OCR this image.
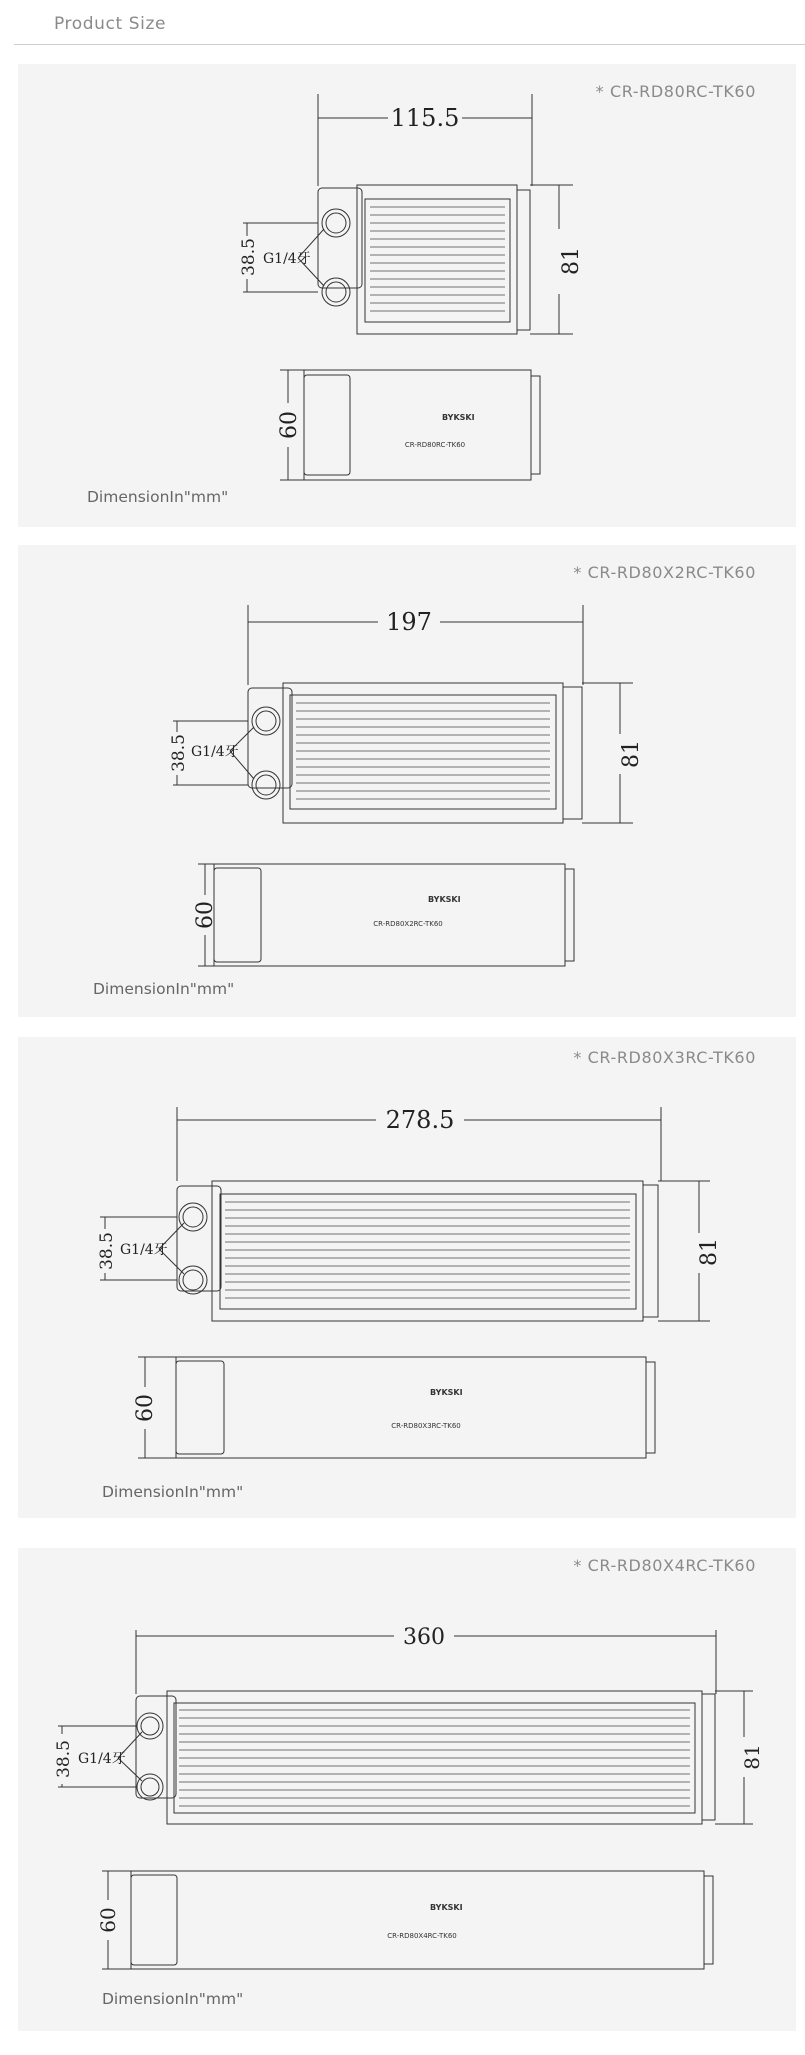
Product Size
* CR-RD80RC-TK60
115.5
81
38.5 G1/4牙
60	BYKSKI
CR-RD80RC-TK60
DimensionIn"mm"
* CR-RD80X2RC-TK60
197
81
38.5 G1/4牙
60
BYKSKI
CR-RD80X2RC-TK60
DimensionIn"mm"
* CR-RD80X3RC-TK60
278.5
81
38.5 G1/4牙
60
BYKSKI
CR-RD80X3RC-TK60
DimensionIn"mm"
* CR-RD80X4RC-TK60
360
81
38.5 G1/4牙
60	BYKSKI
CR-RD80X4RC-TK60
DimensionIn"mm"
